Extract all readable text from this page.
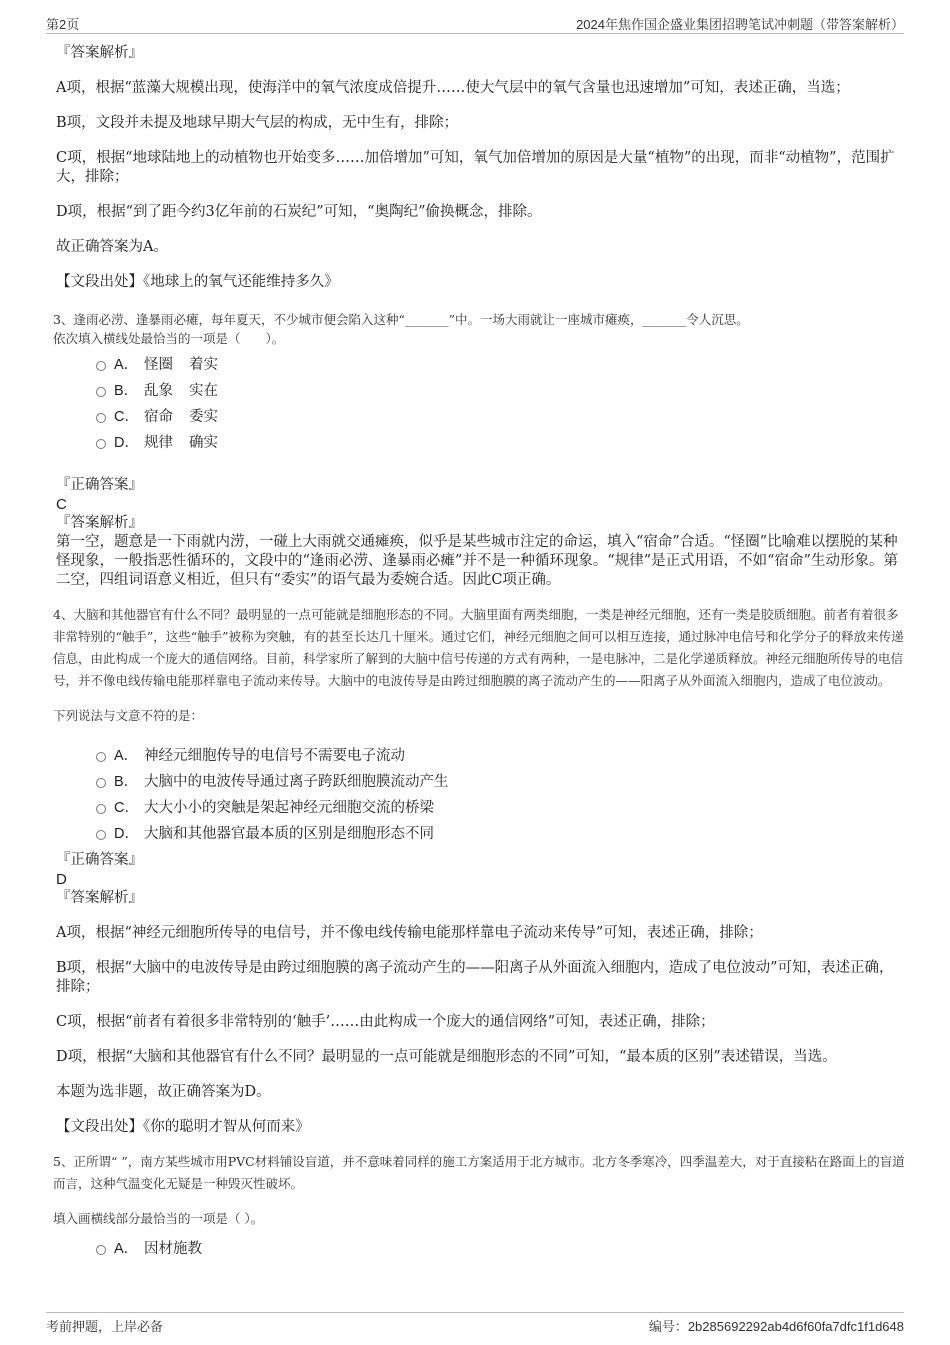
第2页	2024年焦作国企盛业集团招聘笔试冲刺题（带答案解析）
『答案解析』
A项，根据“蓝藻大规模出现，使海洋中的氧气浓度成倍提升……使大气层中的氧气含量也迅速增加”可知，表述正确，当选；
B项，文段并未提及地球早期大气层的构成，无中生有，排除；
C项，根据“地球陆地上的动植物也开始变多……加倍增加”可知，氧气加倍增加的原因是大量“植物”的出现，而非“动植物”，范围扩大，排除；
D项，根据“到了距今约3亿年前的石炭纪”可知，“奥陶纪”偷换概念，排除。
故正确答案为A。
【文段出处】《地球上的氧气还能维持多久》
3、逢雨必涝、逢暴雨必瘫，每年夏天，不少城市便会陷入这种“_______”中。一场大雨就让一座城市瘫痪，_______令人沉思。
依次填入横线处最恰当的一项是（　　）。
A． 怪圈 着实
B． 乱象 实在
C． 宿命 委实
D． 规律 确实
『正确答案』
C
『答案解析』
第一空，题意是一下雨就内涝，一碰上大雨就交通瘫痪，似乎是某些城市注定的命运，填入“宿命”合适。“怪圈”比喻难以摆脱的某种怪现象，一般指恶性循环的，文段中的“逢雨必涝、逢暴雨必瘫”并不是一种循环现象。“规律”是正式用语，不如“宿命”生动形象。第二空，四组词语意义相近，但只有“委实”的语气最为委婉合适。因此C项正确。
4、大脑和其他器官有什么不同？最明显的一点可能就是细胞形态的不同。大脑里面有两类细胞，一类是神经元细胞，还有一类是胶质细胞。前者有着很多非常特别的“触手”，这些“触手”被称为突触，有的甚至长达几十厘米。通过它们，神经元细胞之间可以相互连接，通过脉冲电信号和化学分子的释放来传递信息，由此构成一个庞大的通信网络。目前，科学家所了解到的大脑中信号传递的方式有两种，一是电脉冲，二是化学递质释放。神经元细胞所传导的电信号，并不像电线传输电能那样靠电子流动来传导。大脑中的电波传导是由跨过细胞膜的离子流动产生的——阳离子从外面流入细胞内，造成了电位波动。
下列说法与文意不符的是：
A． 神经元细胞传导的电信号不需要电子流动
B． 大脑中的电波传导通过离子跨跃细胞膜流动产生
C． 大大小小的突触是架起神经元细胞交流的桥梁
D． 大脑和其他器官最本质的区别是细胞形态不同
『正确答案』
D
『答案解析』
A项，根据“神经元细胞所传导的电信号，并不像电线传输电能那样靠电子流动来传导”可知，表述正确，排除；
B项，根据“大脑中的电波传导是由跨过细胞膜的离子流动产生的——阳离子从外面流入细胞内，造成了电位波动”可知，表述正确，排除；
C项，根据“前者有着很多非常特别的‘触手’……由此构成一个庞大的通信网络”可知，表述正确，排除；
D项，根据“大脑和其他器官有什么不同？最明显的一点可能就是细胞形态的不同”可知，“最本质的区别”表述错误，当选。
本题为选非题，故正确答案为D。
【文段出处】《你的聪明才智从何而来》
5、正所谓“ ”，南方某些城市用PVC材料铺设盲道，并不意味着同样的施工方案适用于北方城市。北方冬季寒冷，四季温差大，对于直接粘在路面上的盲道而言，这种气温变化无疑是一种毁灭性破坏。
填入画横线部分最恰当的一项是（ ）。
A． 因材施教
考前押题，上岸必备	编号：2b285692292ab4d6f60fa7dfc1f1d648
